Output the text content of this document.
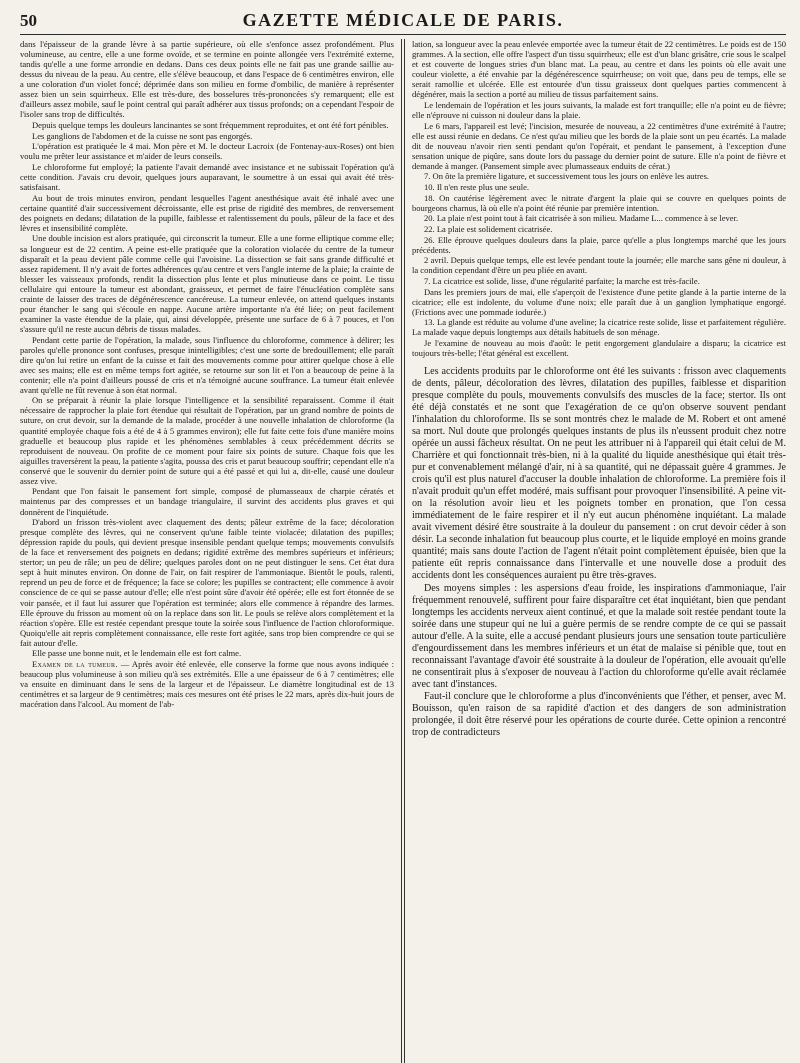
50	GAZETTE MÉDICALE DE PARIS.

dans l'épaisseur de la grande lèvre à sa partie supérieure, où elle s'enfonce assez profondément. Plus volumineuse, au centre, elle a une forme ovoïde, et se termine en pointe allongée vers l'extrémité externe, tandis qu'elle a une forme arrondie en dedans. Dans ces deux points elle ne fait pas une grande saillie au-dessus du niveau de la peau. Au centre, elle s'élève beaucoup, et dans l'espace de 6 centimètres environ, elle a une coloration d'un violet foncé; déprimée dans son milieu en forme d'ombilic, de manière à représenter assez bien un sein squirrheux. Elle est très-dure, des bosselures très-prononcées s'y remarquent; elle est d'ailleurs assez mobile, sauf le point central qui paraît adhérer aux tissus profonds; on a cependant l'espoir de l'isoler sans trop de difficultés.

Depuis quelque temps les douleurs lancinantes se sont fréquemment reproduites, et ont été fort pénibles.

Les ganglions de l'abdomen et de la cuisse ne sont pas engorgés.

L'opération est pratiquée le 4 mai. Mon père et M. le docteur Lacroix (de Fontenay-aux-Roses) ont bien voulu me prêter leur assistance et m'aider de leurs conseils.

Le chloroforme fut employé; la patiente l'avait demandé avec insistance et ne subissait l'opération qu'à cette condition. J'avais cru devoir, quelques jours auparavant, le soumettre à un essai qui avait été très-satisfaisant.

Au bout de trois minutes environ, pendant lesquelles l'agent anesthésique avait été inhalé avec une certaine quantité d'air successivement décroissante, elle est prise de rigidité des membres, de renversement des poignets en dedans; dilatation de la pupille, faiblesse et ralentissement du pouls, pâleur de la face et des lèvres et insensibilité complète.

Une double incision est alors pratiquée, qui circonscrit la tumeur. Elle a une forme elliptique comme elle; sa longueur est de 22 centim. A peine est-elle pratiquée que la coloration violacée du centre de la tumeur disparaît et la peau devient pâle comme celle qui l'avoisine. La dissection se fait sans grande difficulté et assez rapidement. Il n'y avait de fortes adhérences qu'au centre et vers l'angle interne de la plaie; la crainte de blesser les vaisseaux profonds, rendit la dissection plus lente et plus minutieuse dans ce point. Le tissu cellulaire qui entoure la tumeur est abondant, graisseux, et permet de faire l'énucléation complète sans crainte de laisser des traces de dégénérescence cancéreuse. La tumeur enlevée, on attend quelques instants pour étancher le sang qui s'écoule en nappe. Aucune artère importante n'a été liée; on peut facilement examiner la vaste étendue de la plaie, qui, ainsi développée, présente une surface de 6 à 7 pouces, et l'on s'assure qu'il ne reste aucun débris de tissus malades.

Pendant cette partie de l'opération, la malade, sous l'influence du chloroforme, commence à délirer; les paroles qu'elle prononce sont confuses, presque inintelligibles; c'est une sorte de bredouillement; elle paraît dire qu'on lui retire un enfant de la cuisse et fait des mouvements comme pour attirer quelque chose à elle avec ses mains; elle est en même temps fort agitée, se retourne sur son lit et l'on a beaucoup de peine à la contenir; elle n'a point d'ailleurs poussé de cris et n'a témoigné aucune souffrance. La tumeur était enlevée avant qu'elle ne fût revenue à son état normal.

On se préparait à réunir la plaie lorsque l'intelligence et la sensibilité reparaissent. Comme il était nécessaire de rapprocher la plaie fort étendue qui résultait de l'opération, par un grand nombre de points de suture, on crut devoir, sur la demande de la malade, procéder à une nouvelle inhalation de chloroforme (la quantité employée chaque fois a été de 4 à 5 grammes environ); elle fut faite cette fois d'une manière moins graduelle et beaucoup plus rapide et les phénomènes semblables à ceux précédemment décrits se reproduisent de nouveau. On profite de ce moment pour faire six points de suture. Chaque fois que les aiguilles traversèrent la peau, la patiente s'agita, poussa des cris et parut beaucoup souffrir; cependant elle n'a conservé que le souvenir du dernier point de suture qui a été passé et qui lui a, dit-elle, causé une douleur assez vive.

Pendant que l'on faisait le pansement fort simple, composé de plumasseaux de charpie cératés et maintenus par des compresses et un bandage triangulaire, il survint des accidents plus graves et qui donnèrent de l'inquiétude.

D'abord un frisson très-violent avec claquement des dents; pâleur extrême de la face; décoloration presque complète des lèvres, qui ne conservent qu'une faible teinte violacée; dilatation des pupilles; dépression rapide du pouls, qui devient presque insensible pendant quelque temps; mouvements convulsifs de la face et renversement des poignets en dedans; rigidité extrême des membres supérieurs et inférieurs; stertor; un peu de râle; un peu de délire; quelques paroles dont on ne peut distinguer le sens. Cet état dura sept à huit minutes environ. On donne de l'air, on fait respirer de l'ammoniaque. Bientôt le pouls, ralenti, reprend un peu de force et de fréquence; la face se colore; les pupilles se contractent; elle commence à avoir conscience de ce qui se passe autour d'elle; elle n'est point sûre d'avoir été opérée; elle est fort étonnée de se voir pansée, et il faut lui assurer que l'opération est terminée; alors elle commence à répandre des larmes. Elle éprouve du frisson au moment où on la replace dans son lit. Le pouls se relève alors complètement et la réaction s'opère. Elle est restée cependant presque toute la soirée sous l'influence de l'action chloroformique. Quoiqu'elle ait repris complètement connaissance, elle reste fort agitée, sans trop bien comprendre ce qui se fait autour d'elle.

Elle passe une bonne nuit, et le lendemain elle est fort calme.

Examen de la tumeur. — Après avoir été enlevée, elle conserve la forme que nous avons indiquée : beaucoup plus volumineuse à son milieu qu'à ses extrémités. Elle a une épaisseur de 6 à 7 centimètres; elle va ensuite en diminuant dans le sens de la largeur et de l'épaisseur. Le diamètre longitudinal est de 13 centimètres et sa largeur de 9 centimètres; mais ces mesures ont été prises le 22 mars, après dix-huit jours de macération dans l'alcool. Au moment de l'ab-

lation, sa longueur avec la peau enlevée emportée avec la tumeur était de 22 centimètres. Le poids est de 150 grammes. A la section, elle offre l'aspect d'un tissu squirrheux; elle est d'un blanc grisâtre, crie sous le scalpel et est couverte de longues stries d'un blanc mat. La peau, au centre et dans les points où elle avait une couleur violette, a été envahie par la dégénérescence squirrheuse; on voit que, dans peu de temps, elle se serait ramollie et ulcérée. Elle est entourée d'un tissu graisseux dont quelques parties commencent à dégénérer, mais la section a porté au milieu de tissus parfaitement sains.

Le lendemain de l'opération et les jours suivants, la malade est fort tranquille; elle n'a point eu de fièvre; elle n'éprouve ni cuisson ni douleur dans la plaie.

Le 6 mars, l'appareil est levé; l'incision, mesurée de nouveau, a 22 centimètres d'une extrémité à l'autre; elle est aussi réunie en dedans. Ce n'est qu'au milieu que les bords de la plaie sont un peu écartés. La malade dit de nouveau n'avoir rien senti pendant qu'on l'opérait, et pendant le pansement, à l'exception d'une sensation unique de piqûre, sans doute lors du passage du dernier point de suture. Elle n'a point de fièvre et demande à manger. (Pansement simple avec plumasseaux enduits de cérat.)

7. On ôte la première ligature, et successivement tous les jours on enlève les autres.

10. Il n'en reste plus une seule.

18. On cautérise légèrement avec le nitrate d'argent la plaie qui se couvre en quelques points de bourgeons charnus, là où elle n'a point été réunie par première intention.

20. La plaie n'est point tout à fait cicatrisée à son milieu. Madame L... commence à se lever.

22. La plaie est solidement cicatrisée.

26. Elle éprouve quelques douleurs dans la plaie, parce qu'elle a plus longtemps marché que les jours précédents.

2 avril. Depuis quelque temps, elle est levée pendant toute la journée; elle marche sans gêne ni douleur, à la condition cependant d'être un peu pliée en avant.

7. La cicatrice est solide, lisse, d'une régularité parfaite; la marche est très-facile.

Dans les premiers jours de mai, elle s'aperçoit de l'existence d'une petite glande à la partie interne de la cicatrice; elle est indolente, du volume d'une noix; elle paraît due à un ganglion lymphatique engorgé. (Frictions avec une pommade iodurée.)

13. La glande est réduite au volume d'une aveline; la cicatrice reste solide, lisse et parfaitement régulière. La malade vaque depuis longtemps aux détails habituels de son ménage.

Je l'examine de nouveau au mois d'août: le petit engorgement glandulaire a disparu; la cicatrice est toujours très-belle; l'état général est excellent.

Les accidents produits par le chloroforme ont été les suivants : frisson avec claquements de dents, pâleur, décoloration des lèvres, dilatation des pupilles, faiblesse et disparition presque complète du pouls, mouvements convulsifs des muscles de la face; stertor. Ils ont été déjà constatés et ne sont que l'exagération de ce qu'on observe souvent pendant l'inhalation du chloroforme. Ils se sont montrés chez le malade de M. Robert et ont amené sa mort. Nul doute que prolongés quelques instants de plus ils n'eussent produit chez notre opérée un aussi fâcheux résultat. On ne peut les attribuer ni à l'appareil qui était celui de M. Charrière et qui fonctionnait très-bien, ni à la qualité du liquide anesthésique qui était très-pur et convenablement mélangé d'air, ni à sa quantité, qui ne dépassait guère 4 grammes. Je crois qu'il est plus naturel d'accuser la double inhalation de chloroforme. La première fois il n'avait produit qu'un effet modéré, mais suffisant pour provoquer l'insensibilité. A peine vit-on la résolution avoir lieu et les poignets tomber en pronation, que l'on cessa immédiatement de le faire respirer et il n'y eut aucun phénomène inquiétant. La malade avait vivement désiré être soustraite à la douleur du pansement : on crut devoir céder à son désir. La seconde inhalation fut beaucoup plus courte, et le liquide employé en moins grande quantité; mais sans doute l'action de l'agent n'était point complètement épuisée, bien que la patiente eût repris connaissance dans l'intervalle et une nouvelle dose a produit des accidents dont les conséquences auraient pu être très-graves.

Des moyens simples : les aspersions d'eau froide, les inspirations d'ammoniaque, l'air fréquemment renouvelé, suffirent pour faire disparaître cet état inquiétant, bien que pendant longtemps les accidents nerveux aient continué, et que la malade soit restée pendant toute la soirée dans une stupeur qui ne lui a guère permis de se rendre compte de ce qui se passait autour d'elle. A la suite, elle a accusé pendant plusieurs jours une sensation toute particulière d'engourdissement dans les membres inférieurs et un état de malaise si pénible que, tout en reconnaissant l'avantage d'avoir été soustraite à la douleur de l'opération, elle avouait qu'elle ne consentirait plus à s'exposer de nouveau à l'action du chloroforme qu'elle avait réclamée avec tant d'instances.

Faut-il conclure que le chloroforme a plus d'inconvénients que l'éther, et penser, avec M. Bouisson, qu'en raison de sa rapidité d'action et des dangers de son administration prolongée, il doit être réservé pour les opérations de courte durée. Cette opinion a rencontré trop de contradicteurs
